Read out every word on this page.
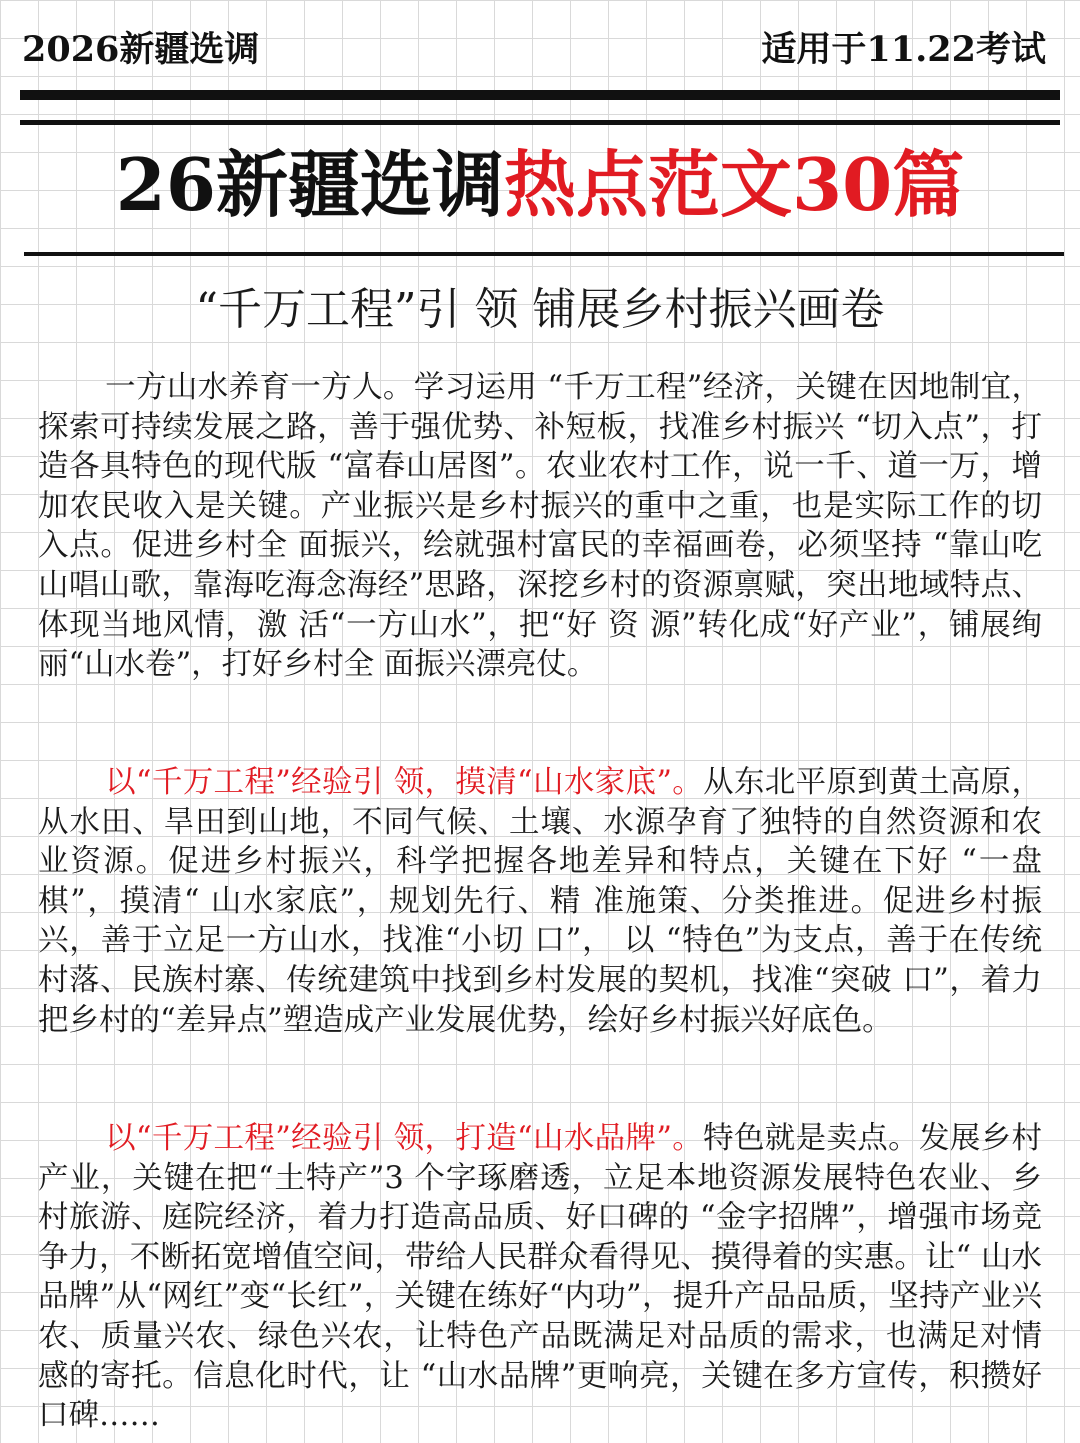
2026新疆选调	适用于11.22考试
26新疆选调热点范文30篇
“千万工程”引 领 铺展乡村振兴画卷
一方山水养育一方人。学习运用 “千万工程”经济，关键在因地制宜，探索可持续发展之路，善于强优势、补短板，找准乡村振兴 “切入点”，打造各具特色的现代版 “富春山居图”。农业农村工作，说一千、道一万，增加农民收入是关键。产业振兴是乡村振兴的重中之重，也是实际工作的切入点。促进乡村全 面振兴，绘就强村富民的幸福画卷，必须坚持 “靠山吃山唱山歌，靠海吃海念海经”思路，深挖乡村的资源禀赋，突出地域特点、体现当地风情，激 活“一方山水”，把“好 资 源”转化成“好产业”，铺展绚丽“山水卷”，打好乡村全 面振兴漂亮仗。
以“千万工程”经验引 领，摸清“山水家底”。从东北平原到黄土高原，从水田、旱田到山地，不同气候、土壤、水源孕育了独特的自然资源和农业资源。促进乡村振兴，科学把握各地差异和特点，关键在下好 “一盘棋”，摸清“ 山水家底”，规划先行、精 准施策、分类推进。促进乡村振兴，善于立足一方山水，找准“小切 口”， 以 “特色”为支点，善于在传统村落、民族村寨、传统建筑中找到乡村发展的契机，找准“突破 口”，着力把乡村的“差异点”塑造成产业发展优势，绘好乡村振兴好底色。
以“千万工程”经验引 领，打造“山水品牌”。特色就是卖点。发展乡村产业，关键在把“土特产”3 个字琢磨透，立足本地资源发展特色农业、乡村旅游、庭院经济，着力打造高品质、好口碑的 “金字招牌”，增强市场竞争力，不断拓宽增值空间，带给人民群众看得见、摸得着的实惠。让“ 山水品牌”从“网红”变“长红”，关键在练好“内功”，提升产品品质，坚持产业兴农、质量兴农、绿色兴农，让特色产品既满足对品质的需求，也满足对情感的寄托。信息化时代，让 “山水品牌”更响亮，关键在多方宣传，积攒好口碑……
